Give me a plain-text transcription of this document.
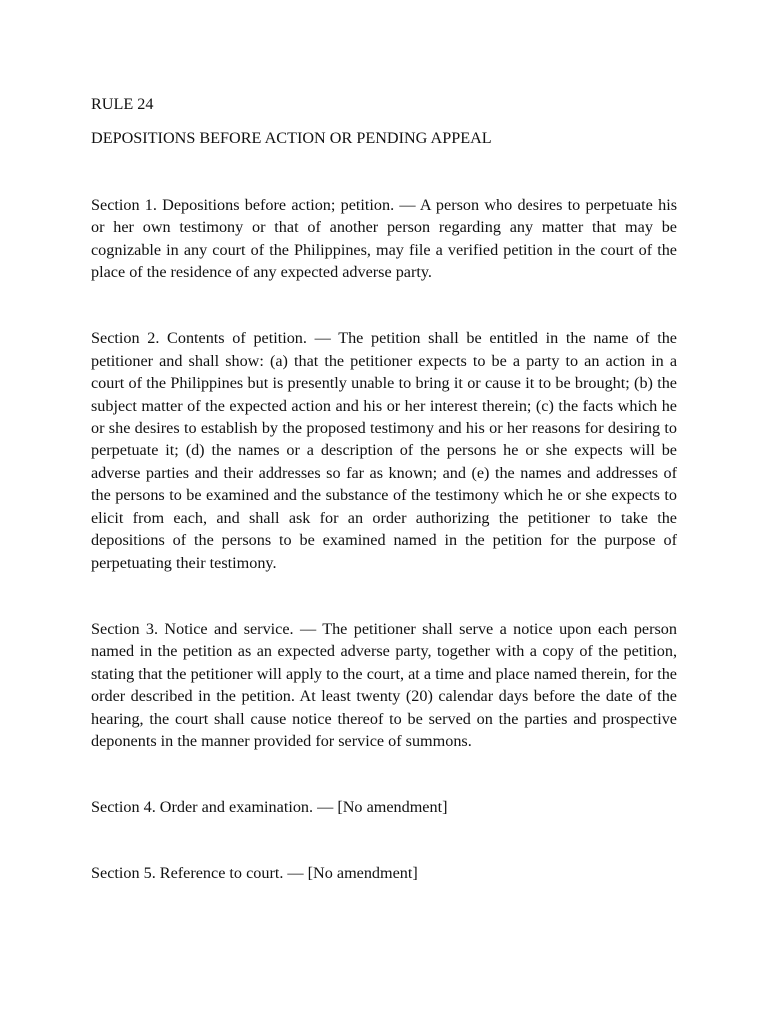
RULE 24

DEPOSITIONS BEFORE ACTION OR PENDING APPEAL

Section 1. Depositions before action; petition. — A person who desires to perpetuate his or her own testimony or that of another person regarding any matter that may be cognizable in any court of the Philippines, may file a verified petition in the court of the place of the residence of any expected adverse party.

Section 2. Contents of petition. — The petition shall be entitled in the name of the petitioner and shall show: (a) that the petitioner expects to be a party to an action in a court of the Philippines but is presently unable to bring it or cause it to be brought; (b) the subject matter of the expected action and his or her interest therein; (c) the facts which he or she desires to establish by the proposed testimony and his or her reasons for desiring to perpetuate it; (d) the names or a description of the persons he or she expects will be adverse parties and their addresses so far as known; and (e) the names and addresses of the persons to be examined and the substance of the testimony which he or she expects to elicit from each, and shall ask for an order authorizing the petitioner to take the depositions of the persons to be examined named in the petition for the purpose of perpetuating their testimony.

Section 3. Notice and service. — The petitioner shall serve a notice upon each person named in the petition as an expected adverse party, together with a copy of the petition, stating that the petitioner will apply to the court, at a time and place named therein, for the order described in the petition. At least twenty (20) calendar days before the date of the hearing, the court shall cause notice thereof to be served on the parties and prospective deponents in the manner provided for service of summons.

Section 4. Order and examination. — [No amendment]

Section 5. Reference to court. — [No amendment]
